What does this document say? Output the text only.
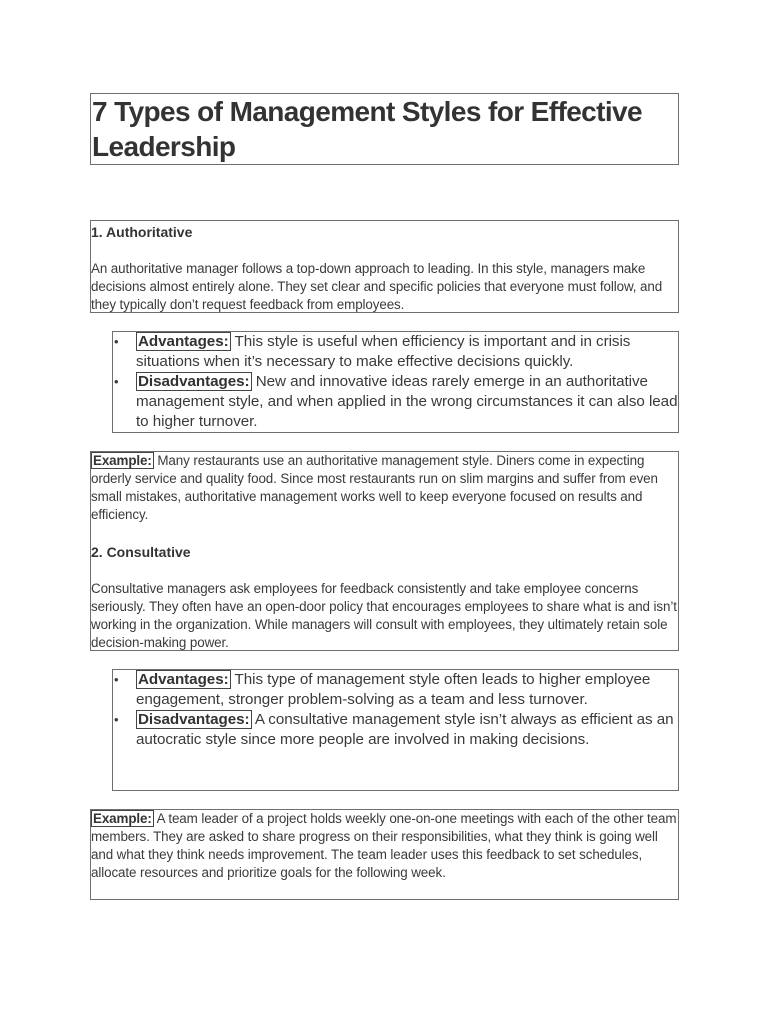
7 Types of Management Styles for Effective Leadership

1. Authoritative

An authoritative manager follows a top-down approach to leading. In this style, managers make decisions almost entirely alone. They set clear and specific policies that everyone must follow, and they typically don’t request feedback from employees.

• Advantages: This style is useful when efficiency is important and in crisis situations when it’s necessary to make effective decisions quickly.
• Disadvantages: New and innovative ideas rarely emerge in an authoritative management style, and when applied in the wrong circumstances it can also lead to higher turnover.

Example: Many restaurants use an authoritative management style. Diners come in expecting orderly service and quality food. Since most restaurants run on slim margins and suffer from even small mistakes, authoritative management works well to keep everyone focused on results and efficiency.

2. Consultative

Consultative managers ask employees for feedback consistently and take employee concerns seriously. They often have an open-door policy that encourages employees to share what is and isn’t working in the organization. While managers will consult with employees, they ultimately retain sole decision-making power.

• Advantages: This type of management style often leads to higher employee engagement, stronger problem-solving as a team and less turnover.
• Disadvantages: A consultative management style isn’t always as efficient as an autocratic style since more people are involved in making decisions.

Example: A team leader of a project holds weekly one-on-one meetings with each of the other team members. They are asked to share progress on their responsibilities, what they think is going well and what they think needs improvement. The team leader uses this feedback to set schedules, allocate resources and prioritize goals for the following week.
